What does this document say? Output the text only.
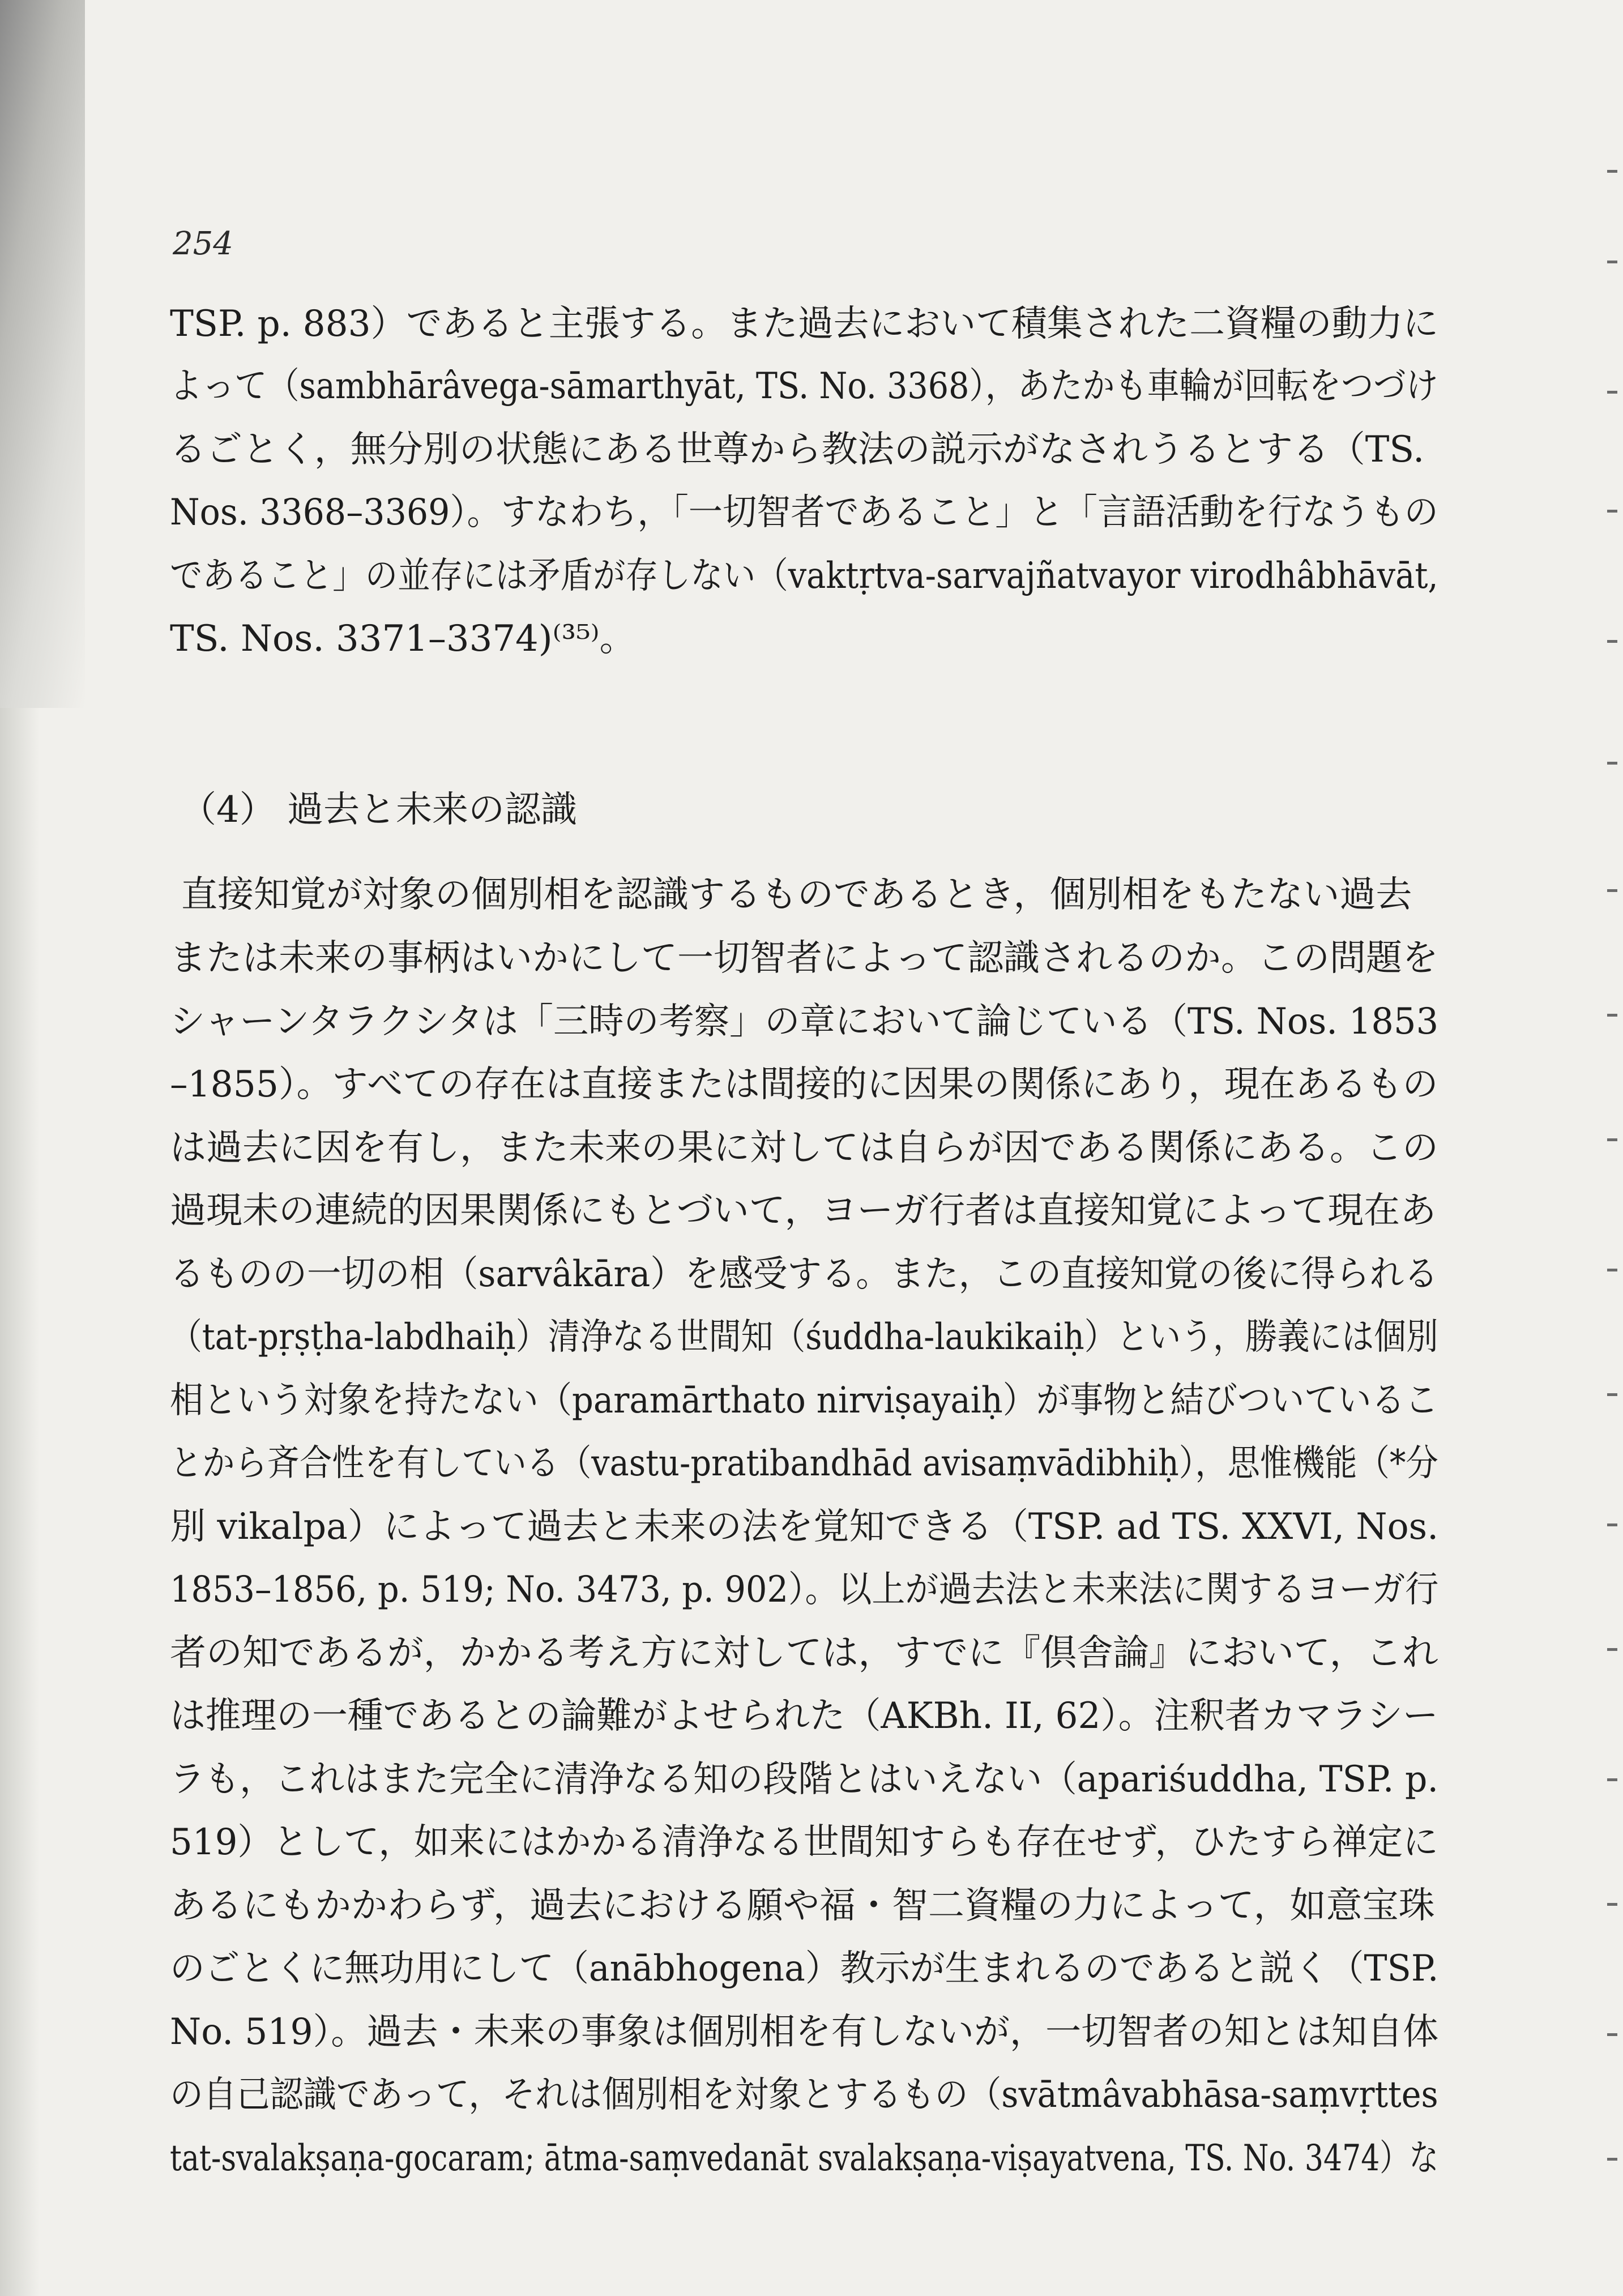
254
TSP. p. 883）であると主張する。また過去において積集された二資糧の動力に
よって（sambhārâvega-sāmarthyāt, TS. No. 3368），あたかも車輪が回転をつづけ
るごとく，無分別の状態にある世尊から教法の説示がなされうるとする（TS.
Nos. 3368–3369）。すなわち，「一切智者であること」と「言語活動を行なうもの
であること」の並存には矛盾が存しない（vaktṛtva-sarvajñatvayor virodhâbhāvāt,
TS. Nos. 3371–3374)⁽³⁵⁾。
（4） 過去と未来の認識
直接知覚が対象の個別相を認識するものであるとき，個別相をもたない過去
または未来の事柄はいかにして一切智者によって認識されるのか。この問題を
シャーンタラクシタは「三時の考察」の章において論じている（TS. Nos. 1853
–1855）。すべての存在は直接または間接的に因果の関係にあり，現在あるもの
は過去に因を有し，また未来の果に対しては自らが因である関係にある。この
過現未の連続的因果関係にもとづいて，ヨーガ行者は直接知覚によって現在あ
るものの一切の相（sarvâkāra）を感受する。また，この直接知覚の後に得られる
（tat-pṛṣṭha-labdhaiḥ）清浄なる世間知（śuddha-laukikaiḥ）という，勝義には個別
相という対象を持たない（paramārthato nirviṣayaiḥ）が事物と結びついているこ
とから斉合性を有している（vastu-pratibandhād avisaṃvādibhiḥ），思惟機能（*分
別 vikalpa）によって過去と未来の法を覚知できる（TSP. ad TS. XXVI, Nos.
1853–1856, p. 519; No. 3473, p. 902）。以上が過去法と未来法に関するヨーガ行
者の知であるが，かかる考え方に対しては，すでに『倶舎論』において，これ
は推理の一種であるとの論難がよせられた（AKBh. II, 62）。注釈者カマラシー
ラも，これはまた完全に清浄なる知の段階とはいえない（apariśuddha, TSP. p.
519）として，如来にはかかる清浄なる世間知すらも存在せず，ひたすら禅定に
あるにもかかわらず，過去における願や福・智二資糧の力によって，如意宝珠
のごとくに無功用にして（anābhogena）教示が生まれるのであると説く（TSP.
No. 519）。過去・未来の事象は個別相を有しないが，一切智者の知とは知自体
の自己認識であって，それは個別相を対象とするもの（svātmâvabhāsa-saṃvṛttes
tat-svalakṣaṇa-gocaram; ātma-saṃvedanāt svalakṣaṇa-viṣayatvena, TS. No. 3474）な
